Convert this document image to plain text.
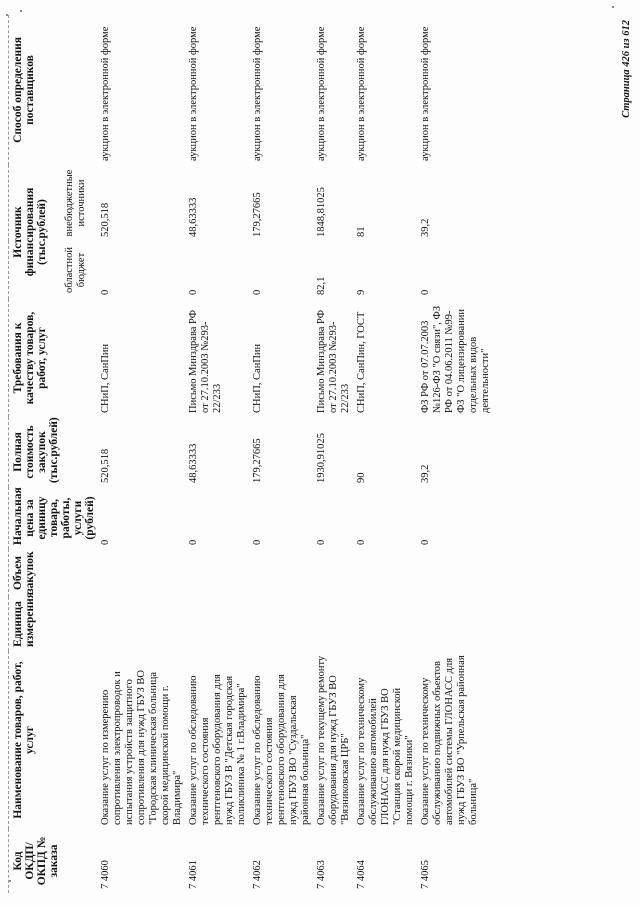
Код ОКДП/ ОКПД № заказа	Наименование товаров, работ, услуг	Единица измерения	Объем закупок	Начальная цена за единицу товара, работы, услуги (рублей)	Полная стоимость закупок (тыс.рублей)	Требования к качеству товаров, работ, услуг	Источник финансирования (тыс.рублей)		Способ определения поставщиков
							областной бюджет	внебюджетные источники	
7 4060	Оказание услуг по измерению сопротивления электропроводок и испытания устройств защитного сопротивления для нужд ГБУЗ ВО "Городская клиническая больница скорой медицинской помощи г. Владимира"			0	520,518	СНиП, СанПин	0	520,518	аукцион в электронной форме
7 4061	Оказание услуг по обследованию технического состояния рентгеновского оборудования для нужд ГБУЗ В "Детская городская поликлиника № 1 г.Владимира"			0	48,63333	Письмо Минздрава РФ от 27.10.2003 №293-22/233	0	48,63333	аукцион в электронной форме
7 4062	Оказание услуг по обследованию технического состояния рентгеновского оборудования для нужд ГБУЗ ВО "Суздальская районная больница"			0	179,27665	СНиП, СанПин	0	179,27665	аукцион в электронной форме
7 4063	Оказание услуг по текущему ремонту оборудования для нужд ГБУЗ ВО "Вязниковская ЦРБ"			0	1930,91025	Письмо Минздрава РФ от 27.10.2003 №293-22/233	82,1	1848,81025	аукцион в электронной форме
7 4064	Оказание услуг по техническому обслуживанию автомобилей ГЛОНАСС для нужд ГБУЗ ВО "Станция скорой медицинской помощи г. Вязники"			0	90	СНиП, СанПин, ГОСТ	9	81	аукцион в электронной форме
7 4065	Оказание услуг по техническому обслуживанию подвижных объектов автомобилей системы ГЛОНАСС для нужд ГБУЗ ВО "Урпельская районная больница"			0	39,2	ФЗ РФ от 07.07.2003 №126-ФЗ "О связи", ФЗ РФ от 04.06.2011 №99-ФЗ "О лицензировании отдельных видов деятельности"	0	39,2	аукцион в электронной форме	Страница 426 из 612
